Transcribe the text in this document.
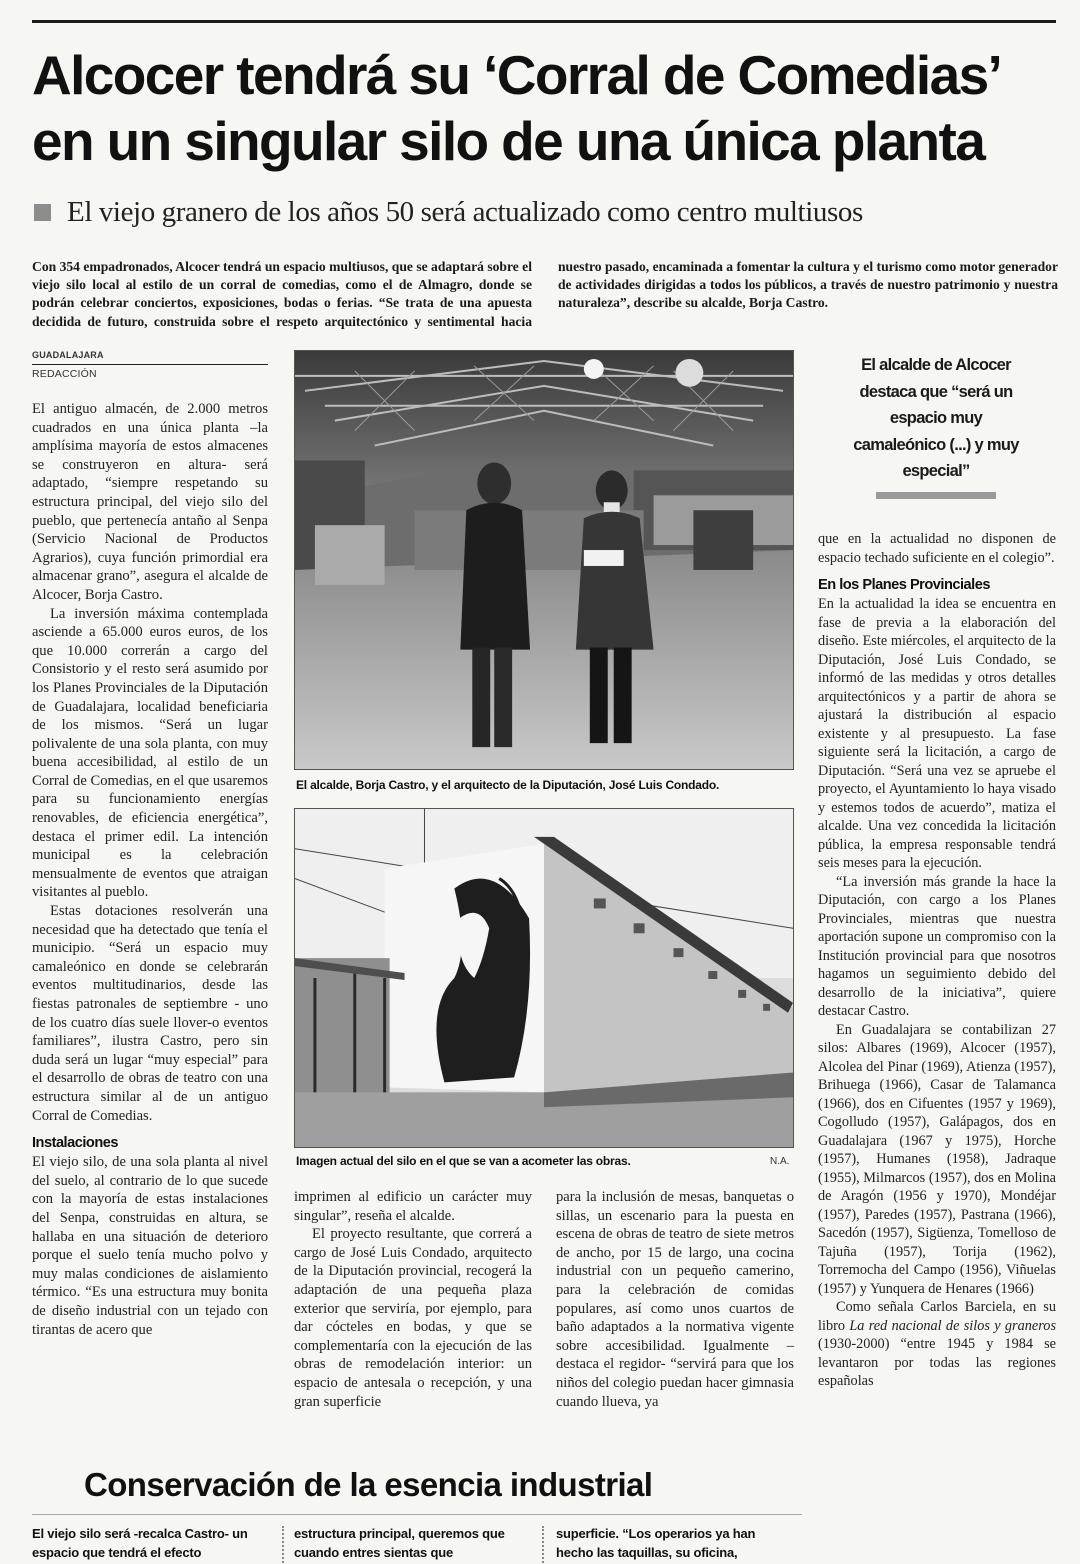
Alcocer tendrá su ‘Corral de Comedias’
en un singular silo de una única planta
El viejo granero de los años 50 será actualizado como centro multiusos
Con 354 empadronados, Alcocer tendrá un espacio multiusos, que se adaptará sobre el viejo silo local al estilo de un corral de comedias, como el de Almagro, donde se podrán celebrar conciertos, exposiciones, bodas o ferias. “Se trata de una apuesta decidida de futuro, construida sobre el respeto arquitectónico y sentimental hacia nuestro pasado, encaminada a fomentar la cultura y el turismo como motor generador de actividades dirigidas a todos los públicos, a través de nuestro patrimonio y nuestra naturaleza”, describe su alcalde, Borja Castro.
GUADALAJARA
REDACCIÓN

El antiguo almacén, de 2.000 metros cuadrados en una única planta –la amplísima mayoría de estos almacenes se construyeron en altura- será adaptado, “siempre respetando su estructura principal, del viejo silo del pueblo, que pertenecía antaño al Senpa (Servicio Nacional de Productos Agrarios), cuya función primordial era almacenar grano”, asegura el alcalde de Alcocer, Borja Castro.

La inversión máxima contemplada asciende a 65.000 euros euros, de los que 10.000 correrán a cargo del Consistorio y el resto será asumido por los Planes Provinciales de la Diputación de Guadalajara, localidad beneficiaria de los mismos. “Será un lugar polivalente de una sola planta, con muy buena accesibilidad, al estilo de un Corral de Comedias, en el que usaremos para su funcionamiento energías renovables, de eficiencia energética”, destaca el primer edil. La intención municipal es la celebración mensualmente de eventos que atraigan visitantes al pueblo.

Estas dotaciones resolverán una necesidad que ha detectado que tenía el municipio. “Será un espacio muy camaleónico en donde se celebrarán eventos multitudinarios, desde las fiestas patronales de septiembre - uno de los cuatro días suele llover-o eventos familiares”, ilustra Castro, pero sin duda será un lugar “muy especial” para el desarrollo de obras de teatro con una estructura similar al de un antiguo Corral de Comedias.

Instalaciones

El viejo silo, de una sola planta al nivel del suelo, al contrario de lo que sucede con la mayoría de estas instalaciones del Senpa, construidas en altura, se hallaba en una situación de deterioro porque el suelo tenía mucho polvo y muy malas condiciones de aislamiento térmico. “Es una estructura muy bonita de diseño industrial con un tejado con tirantas de acero que

El alcalde, Borja Castro, y el arquitecto de la Diputación, José Luis Condado.
Imagen actual del silo en el que se van a acometer las obras.	N.A.

imprimen al edificio un carácter muy singular”, reseña el alcalde.

El proyecto resultante, que correrá a cargo de José Luis Condado, arquitecto de la Diputación provincial, recogerá la adaptación de una pequeña plaza exterior que serviría, por ejemplo, para dar cócteles en bodas, y que se complementaría con la ejecución de las obras de remodelación interior: un espacio de antesala o recepción, y una gran superficie

para la inclusión de mesas, banquetas o sillas, un escenario para la puesta en escena de obras de teatro de siete metros de ancho, por 15 de largo, una cocina industrial con un pequeño camerino, para la celebración de comidas populares, así como unos cuartos de baño adaptados a la normativa vigente sobre accesibilidad. Igualmente –destaca el regidor- “servirá para que los niños del colegio puedan hacer gimnasia cuando llueva, ya

El alcalde de Alcocer destaca que “será un espacio muy camaleónico (...) y muy especial”

que en la actualidad no disponen de espacio techado suficiente en el colegio”.

En los Planes Provinciales

En la actualidad la idea se encuentra en fase de previa a la elaboración del diseño. Este miércoles, el arquitecto de la Diputación, José Luis Condado, se informó de las medidas y otros detalles arquitectónicos y a partir de ahora se ajustará la distribución al espacio existente y al presupuesto. La fase siguiente será la licitación, a cargo de Diputación. “Será una vez se apruebe el proyecto, el Ayuntamiento lo haya visado y estemos todos de acuerdo”, matiza el alcalde. Una vez concedida la licitación pública, la empresa responsable tendrá seis meses para la ejecución.

“La inversión más grande la hace la Diputación, con cargo a los Planes Provinciales, mientras que nuestra aportación supone un compromiso con la Institución provincial para que nosotros hagamos un seguimiento debido del desarrollo de la iniciativa”, quiere destacar Castro.

En Guadalajara se contabilizan 27 silos: Albares (1969), Alcocer (1957), Alcolea del Pinar (1969), Atienza (1957), Brihuega (1966), Casar de Talamanca (1966), dos en Cifuentes (1957 y 1969), Cogolludo (1957), Galápagos, dos en Guadalajara (1967 y 1975), Horche (1957), Humanes (1958), Jadraque (1955), Milmarcos (1957), dos en Molina de Aragón (1956 y 1970), Mondéjar (1957), Paredes (1957), Pastrana (1966), Sacedón (1957), Sigüenza, Tomelloso de Tajuña (1957), Torija (1962), Torremocha del Campo (1956), Viñuelas (1957) y Yunquera de Henares (1966)

Como señala Carlos Barciela, en su libro La red nacional de silos y graneros (1930-2000) “entre 1945 y 1984 se levantaron por todas las regiones españolas

Conservación de la esencia industrial
El viejo silo será -recalca Castro- un espacio que tendrá el efecto
estructura principal, queremos que cuando entres sientas que
superficie. “Los operarios ya han hecho las taquillas, su oficina,
